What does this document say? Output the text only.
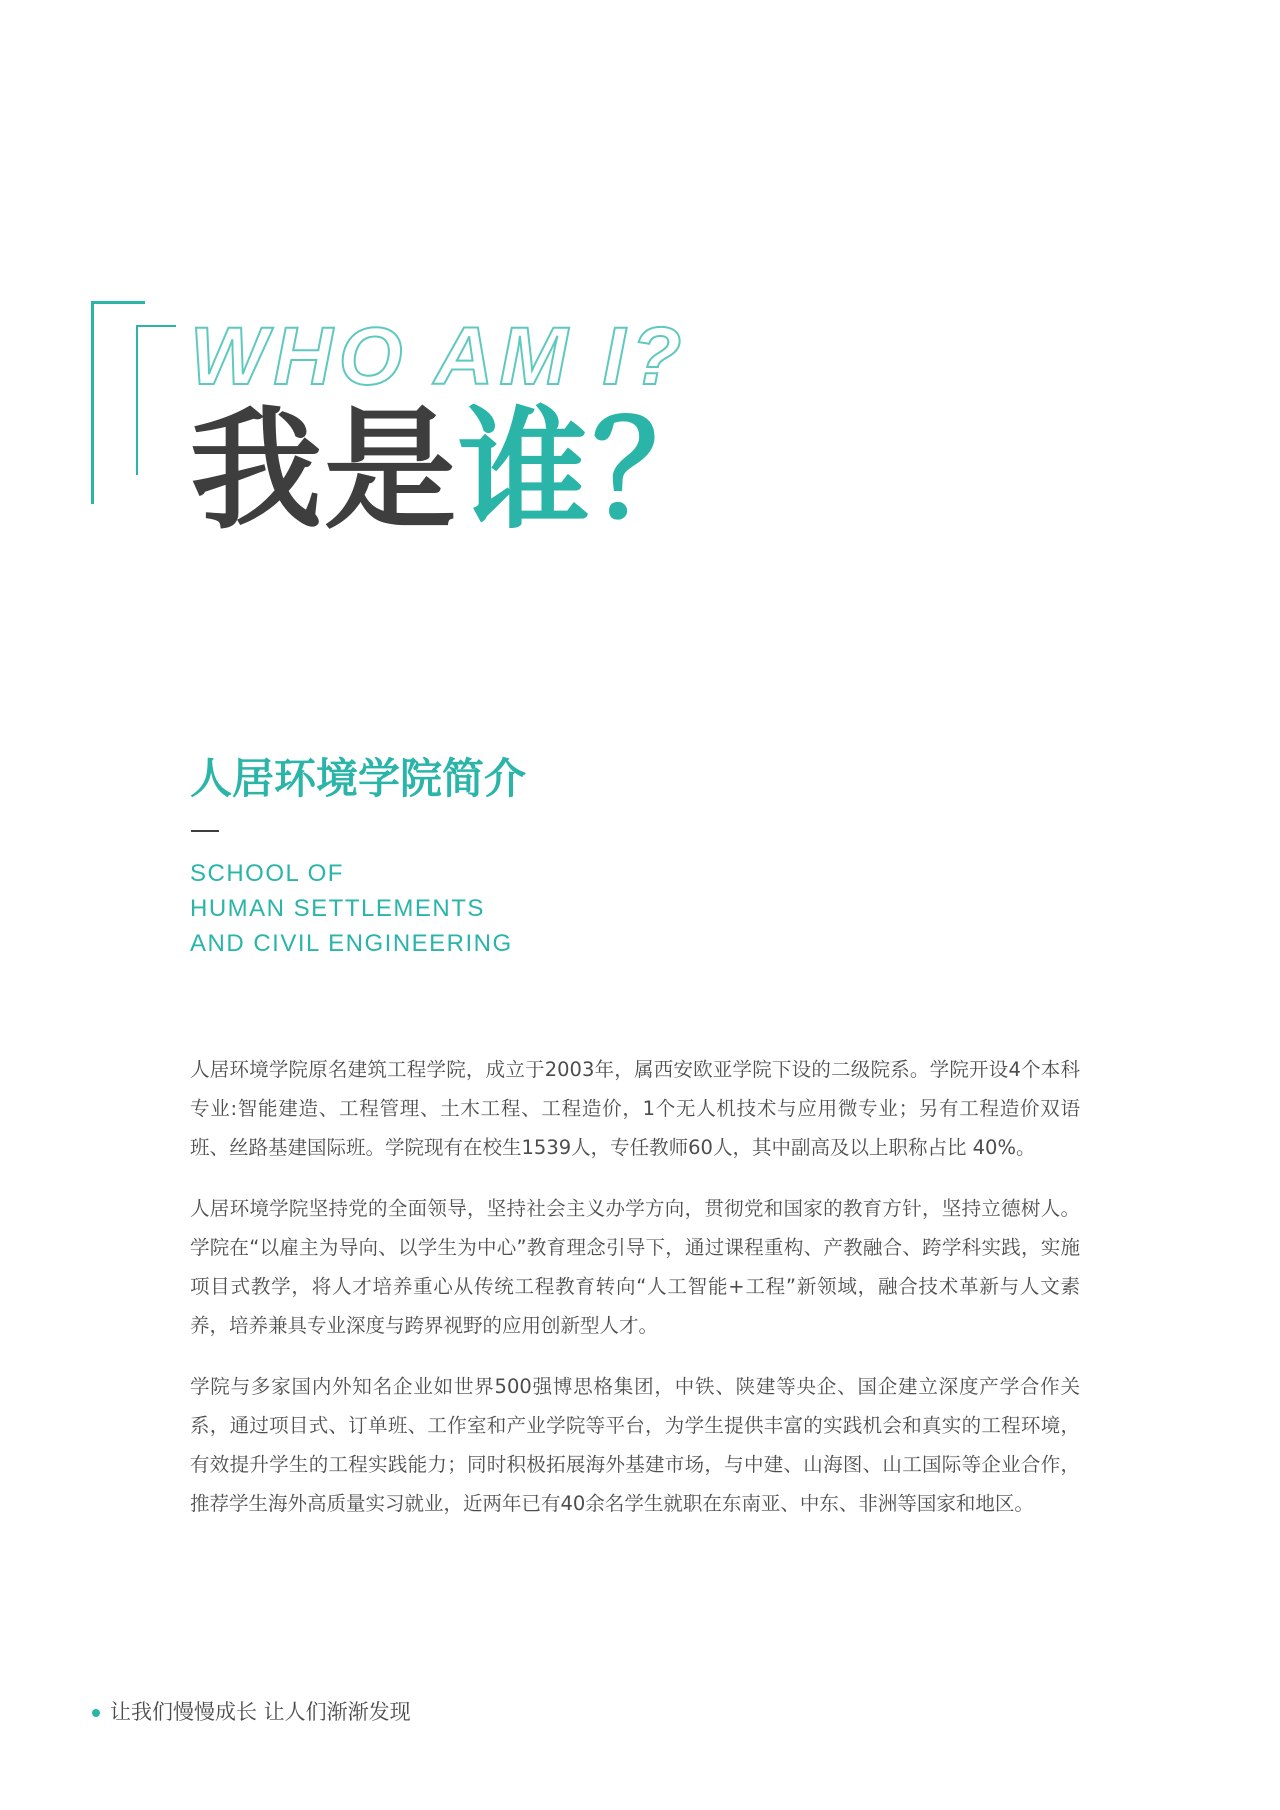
WHO AM I?
我是谁？
人居环境学院简介
SCHOOL OF
HUMAN SETTLEMENTS
AND CIVIL ENGINEERING

人居环境学院原名建筑工程学院，成立于2003年，属西安欧亚学院下设的二级院系。学院开设4个本科专业:智能建造、工程管理、土木工程、工程造价，1个无人机技术与应用微专业；另有工程造价双语班、丝路基建国际班。学院现有在校生1539人，专任教师60人，其中副高及以上职称占比 40%。

人居环境学院坚持党的全面领导，坚持社会主义办学方向，贯彻党和国家的教育方针，坚持立德树人。学院在“以雇主为导向、以学生为中心”教育理念引导下，通过课程重构、产教融合、跨学科实践，实施项目式教学，将人才培养重心从传统工程教育转向“人工智能+工程”新领域，融合技术革新与人文素养，培养兼具专业深度与跨界视野的应用创新型人才。

学院与多家国内外知名企业如世界500强博思格集团，中铁、陕建等央企、国企建立深度产学合作关系，通过项目式、订单班、工作室和产业学院等平台，为学生提供丰富的实践机会和真实的工程环境，有效提升学生的工程实践能力；同时积极拓展海外基建市场，与中建、山海图、山工国际等企业合作，推荐学生海外高质量实习就业，近两年已有40余名学生就职在东南亚、中东、非洲等国家和地区。

让我们慢慢成长 让人们渐渐发现
